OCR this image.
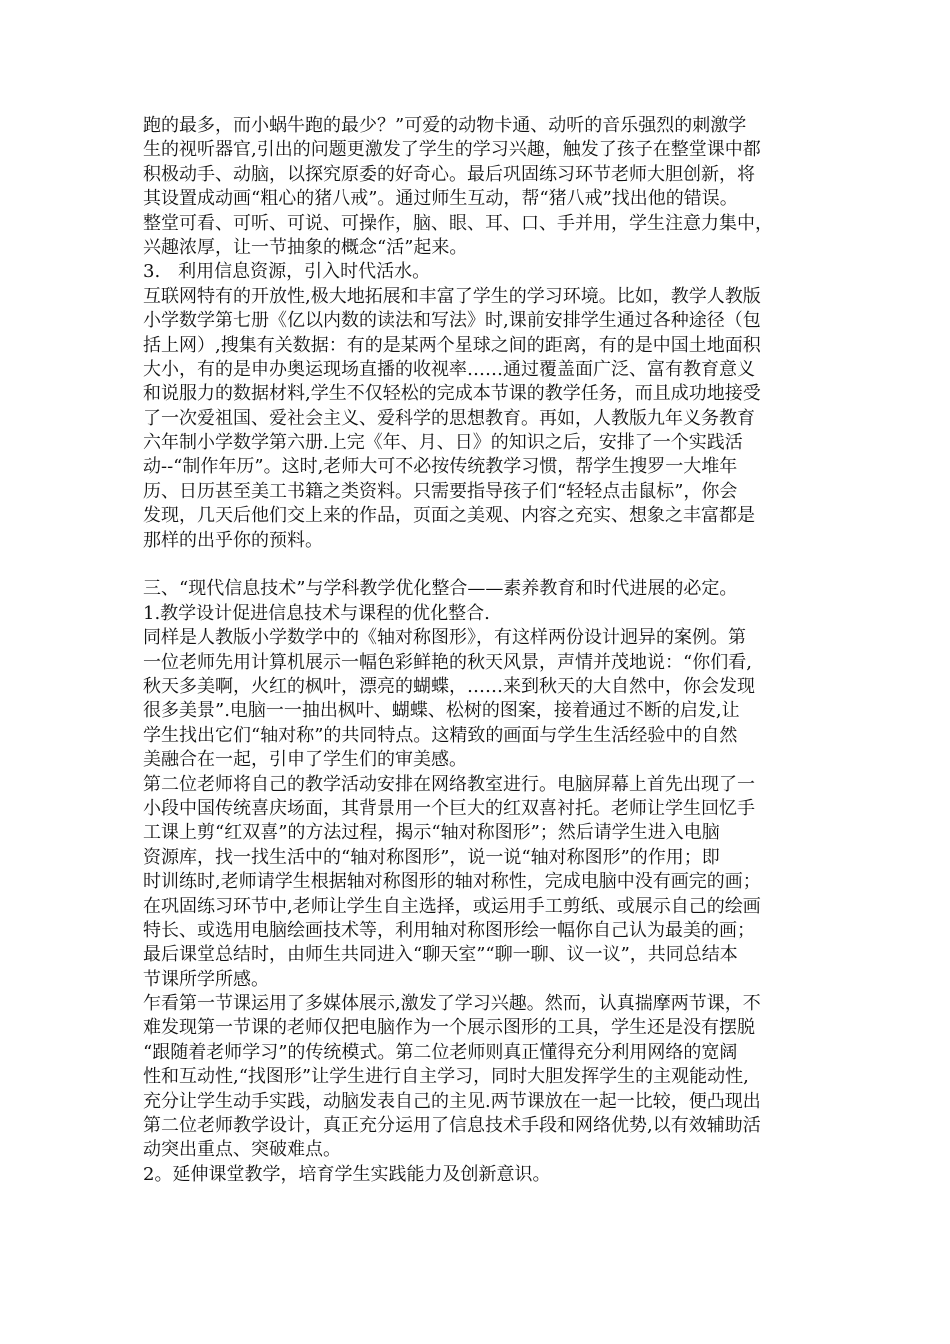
跑的最多，而小蜗牛跑的最少？”可爱的动物卡通、动听的音乐强烈的刺激学
生的视听器官,引出的问题更激发了学生的学习兴趣，触发了孩子在整堂课中都
积极动手、动脑，以探究原委的好奇心。最后巩固练习环节老师大胆创新，将
其设置成动画“粗心的猪八戒”。通过师生互动，帮“猪八戒”找出他的错误。
整堂可看、可听、可说、可操作，脑、眼、耳、口、手并用，学生注意力集中，
兴趣浓厚，让一节抽象的概念“活”起来。
3.　利用信息资源，引入时代活水。
互联网特有的开放性,极大地拓展和丰富了学生的学习环境。比如，教学人教版
小学数学第七册《亿以内数的读法和写法》时,课前安排学生通过各种途径（包
括上网）,搜集有关数据：有的是某两个星球之间的距离，有的是中国土地面积
大小，有的是申办奥运现场直播的收视率……通过覆盖面广泛、富有教育意义
和说服力的数据材料,学生不仅轻松的完成本节课的教学任务，而且成功地接受
了一次爱祖国、爱社会主义、爱科学的思想教育。再如，人教版九年义务教育
六年制小学数学第六册.上完《年、月、日》的知识之后，安排了一个实践活
动--“制作年历”。这时,老师大可不必按传统教学习惯，帮学生搜罗一大堆年
历、日历甚至美工书籍之类资料。只需要指导孩子们“轻轻点击鼠标”，你会
发现，几天后他们交上来的作品，页面之美观、内容之充实、想象之丰富都是
那样的出乎你的预料。
三、“现代信息技术”与学科教学优化整合——素养教育和时代进展的必定。
1.教学设计促进信息技术与课程的优化整合.
同样是人教版小学数学中的《轴对称图形》，有这样两份设计迥异的案例。第
一位老师先用计算机展示一幅色彩鲜艳的秋天风景，声情并茂地说：“你们看,
秋天多美啊，火红的枫叶，漂亮的蝴蝶，……来到秋天的大自然中，你会发现
很多美景”.电脑一一抽出枫叶、蝴蝶、松树的图案，接着通过不断的启发,让
学生找出它们“轴对称”的共同特点。这精致的画面与学生生活经验中的自然
美融合在一起，引申了学生们的审美感。
第二位老师将自己的教学活动安排在网络教室进行。电脑屏幕上首先出现了一
小段中国传统喜庆场面，其背景用一个巨大的红双喜衬托。老师让学生回忆手
工课上剪“红双喜”的方法过程，揭示“轴对称图形”；然后请学生进入电脑
资源库，找一找生活中的“轴对称图形”，说一说“轴对称图形”的作用；即
时训练时,老师请学生根据轴对称图形的轴对称性，完成电脑中没有画完的画；
在巩固练习环节中,老师让学生自主选择，或运用手工剪纸、或展示自己的绘画
特长、或选用电脑绘画技术等，利用轴对称图形绘一幅你自己认为最美的画；
最后课堂总结时，由师生共同进入“聊天室”“聊一聊、议一议”，共同总结本
节课所学所感。
乍看第一节课运用了多媒体展示,激发了学习兴趣。然而，认真揣摩两节课，不
难发现第一节课的老师仅把电脑作为一个展示图形的工具，学生还是没有摆脱
“跟随着老师学习”的传统模式。第二位老师则真正懂得充分利用网络的宽阔
性和互动性,“找图形”让学生进行自主学习，同时大胆发挥学生的主观能动性,
充分让学生动手实践，动脑发表自己的主见.两节课放在一起一比较，便凸现出
第二位老师教学设计，真正充分运用了信息技术手段和网络优势,以有效辅助活
动突出重点、突破难点。
2。延伸课堂教学，培育学生实践能力及创新意识。
